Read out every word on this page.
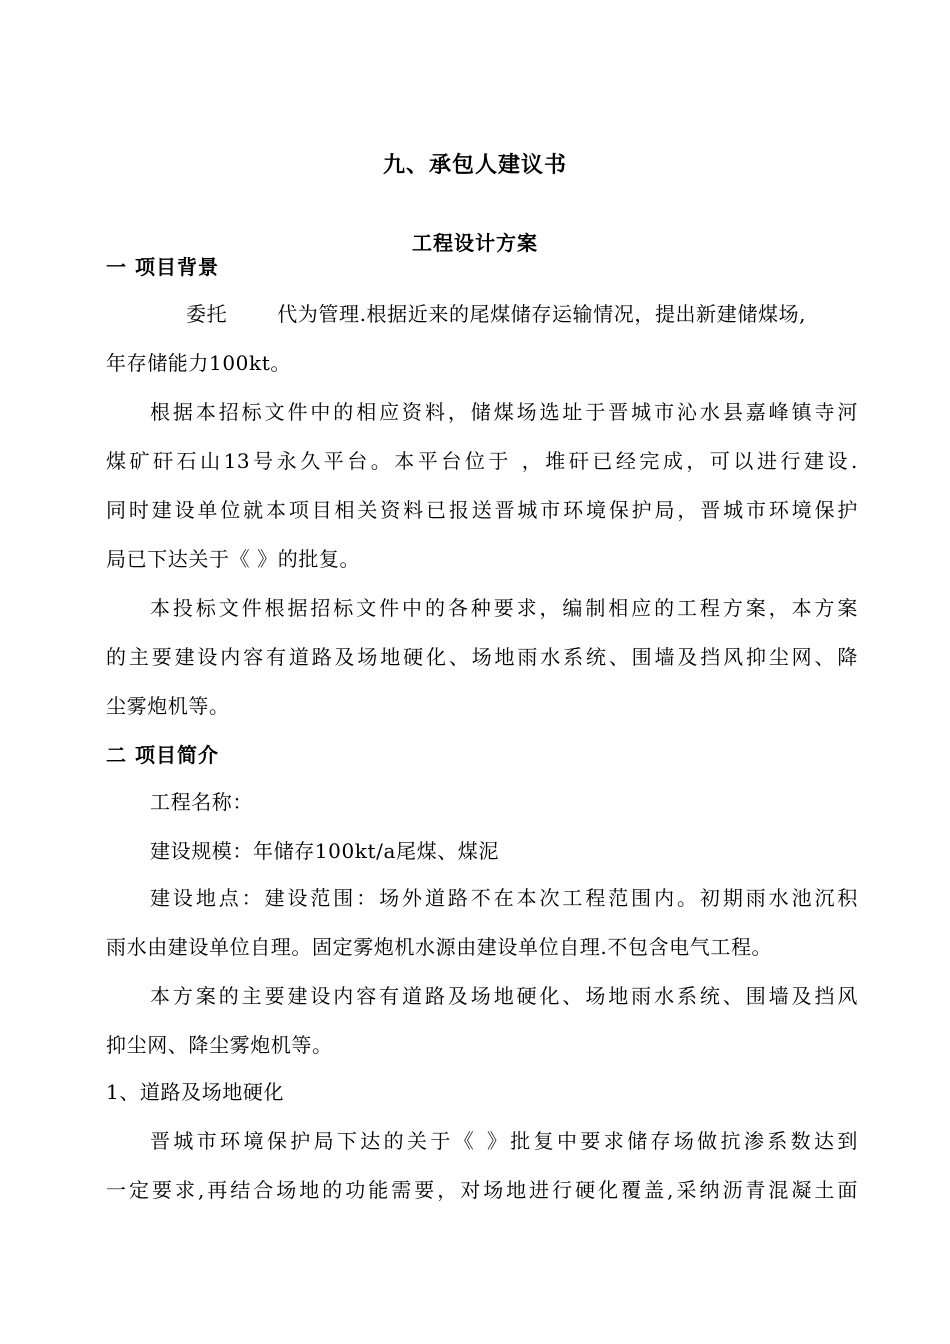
九、承包人建议书
工程设计方案
一 项目背景
委托	代为管理.根据近来的尾煤储存运输情况，提出新建储煤场,
年存储能力100kt。
根据本招标文件中的相应资料，储煤场选址于晋城市沁水县嘉峰镇寺河
煤矿矸石山13号永久平台。本平台位于 ，堆矸已经完成，可以进行建设.
同时建设单位就本项目相关资料已报送晋城市环境保护局，晋城市环境保护
局已下达关于《 》的批复。
本投标文件根据招标文件中的各种要求，编制相应的工程方案，本方案
的主要建设内容有道路及场地硬化、场地雨水系统、围墙及挡风抑尘网、降
尘雾炮机等。
二 项目简介
工程名称：
建设规模：年储存100kt/a尾煤、煤泥
建设地点：建设范围：场外道路不在本次工程范围内。初期雨水池沉积
雨水由建设单位自理。固定雾炮机水源由建设单位自理.不包含电气工程。
本方案的主要建设内容有道路及场地硬化、场地雨水系统、围墙及挡风
抑尘网、降尘雾炮机等。
1、道路及场地硬化
晋城市环境保护局下达的关于《 》批复中要求储存场做抗渗系数达到
一定要求,再结合场地的功能需要，对场地进行硬化覆盖,采纳沥青混凝土面
